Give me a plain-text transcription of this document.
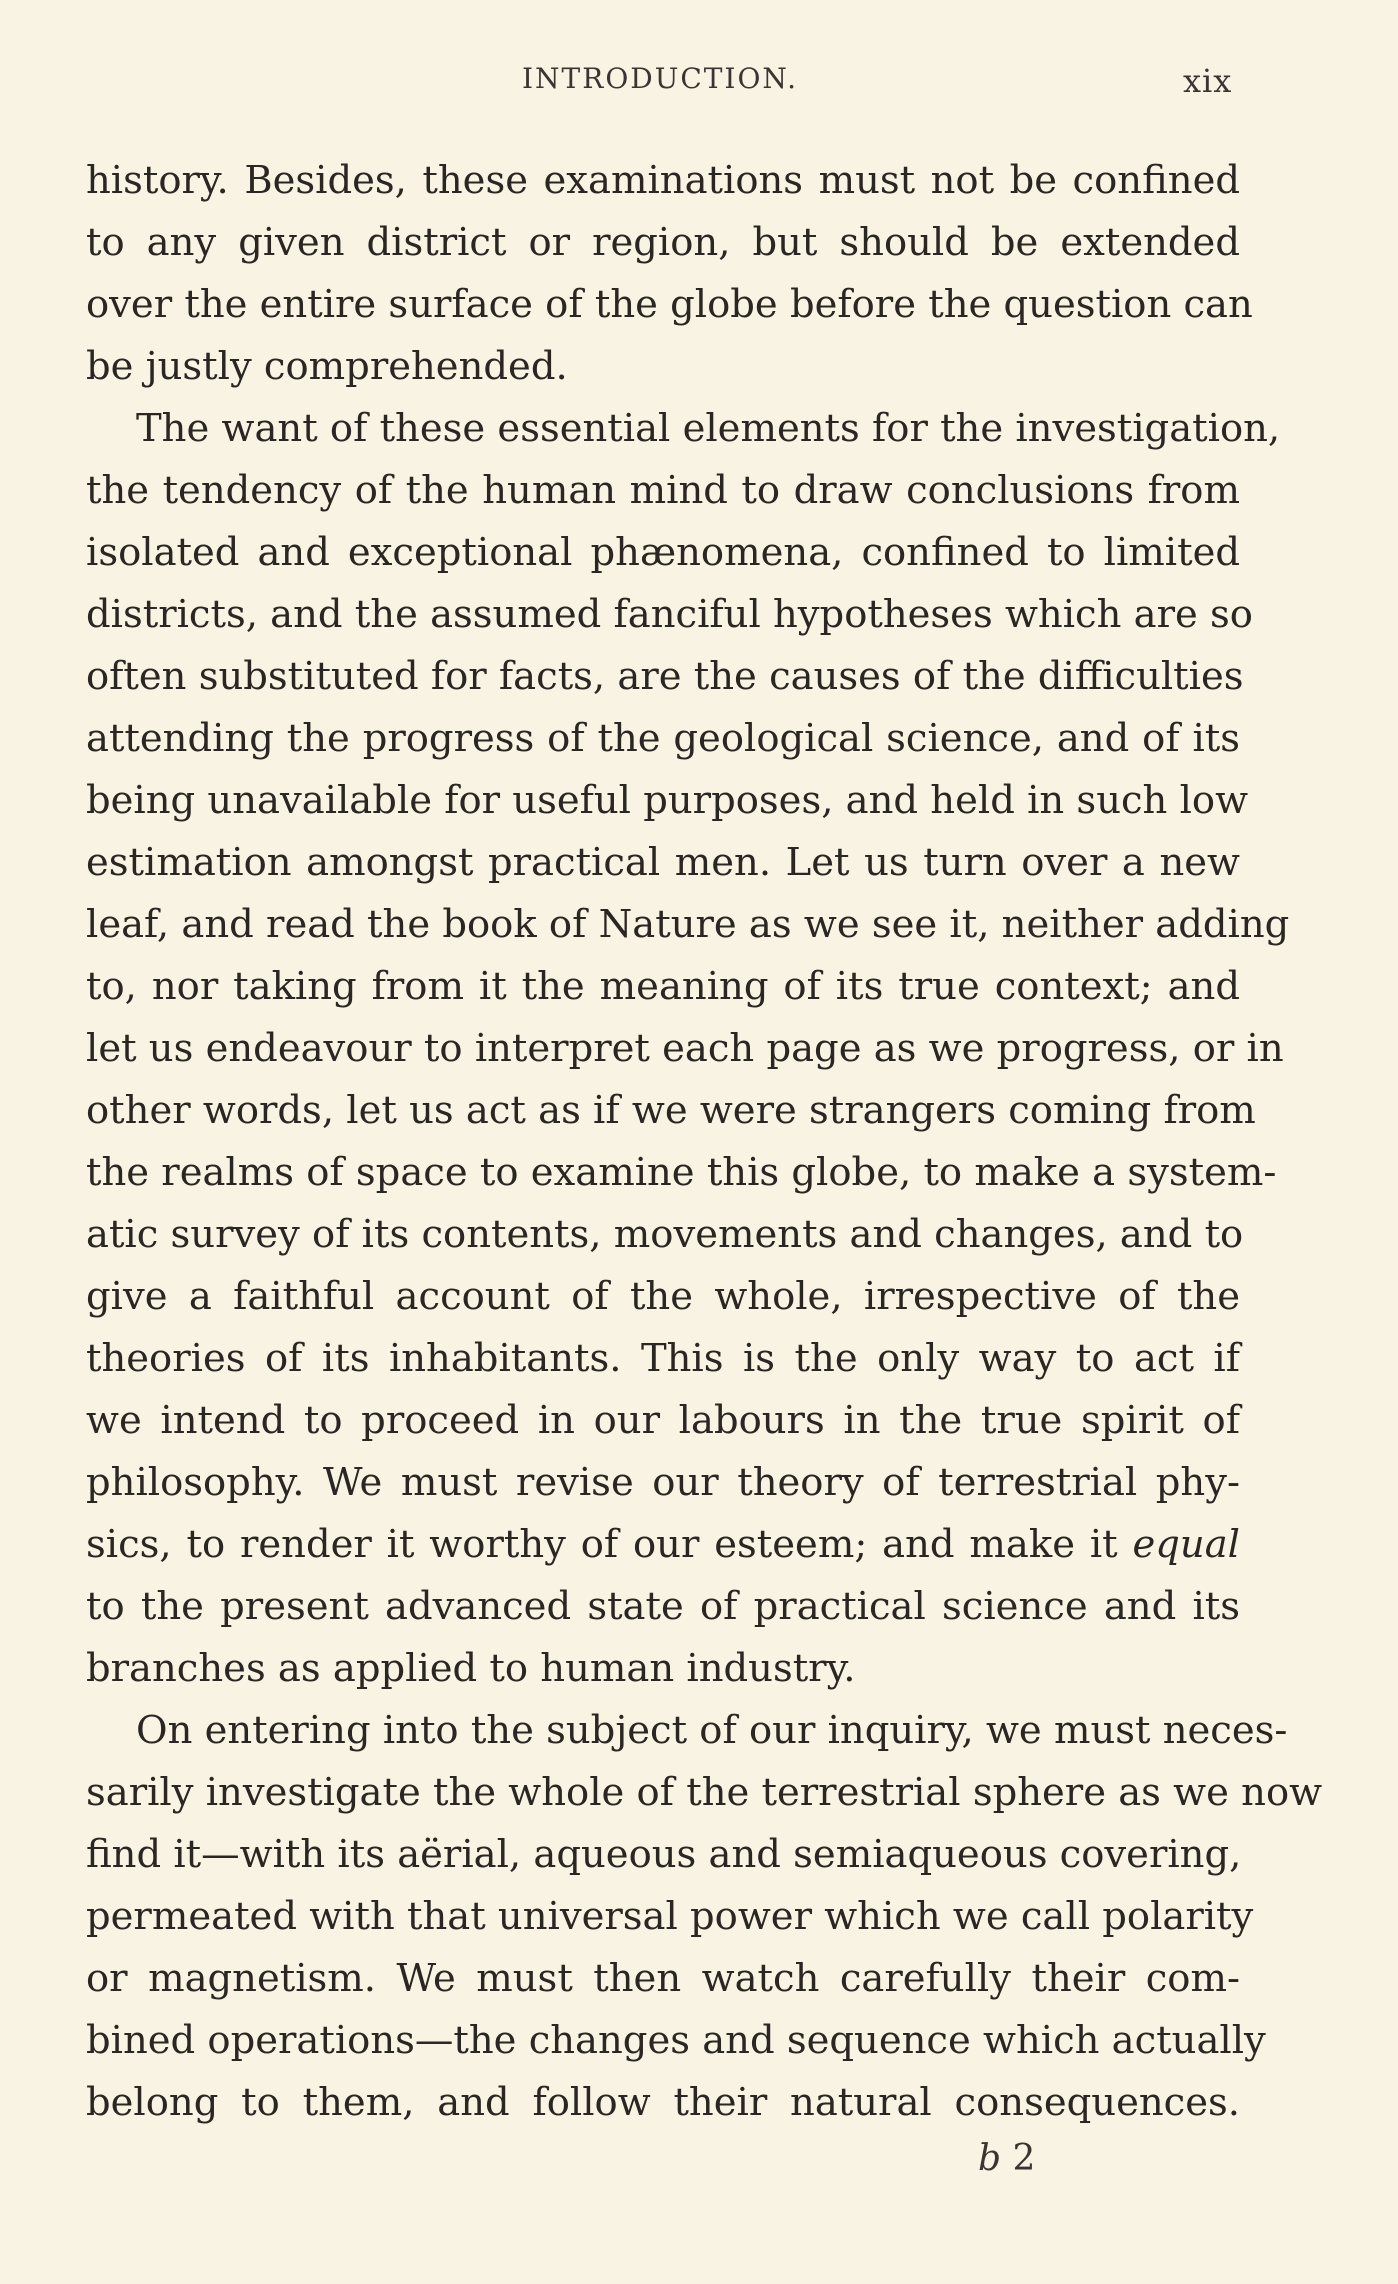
INTRODUCTION.	xix
history. Besides, these examinations must not be confined
to any given district or region, but should be extended
over the entire surface of the globe before the question can
be justly comprehended.
The want of these essential elements for the investigation,
the tendency of the human mind to draw conclusions from
isolated and exceptional phænomena, confined to limited
districts, and the assumed fanciful hypotheses which are so
often substituted for facts, are the causes of the difficulties
attending the progress of the geological science, and of its
being unavailable for useful purposes, and held in such low
estimation amongst practical men. Let us turn over a new
leaf, and read the book of Nature as we see it, neither adding
to, nor taking from it the meaning of its true context; and
let us endeavour to interpret each page as we progress, or in
other words, let us act as if we were strangers coming from
the realms of space to examine this globe, to make a system-
atic survey of its contents, movements and changes, and to
give a faithful account of the whole, irrespective of the
theories of its inhabitants. This is the only way to act if
we intend to proceed in our labours in the true spirit of
philosophy. We must revise our theory of terrestrial phy-
sics, to render it worthy of our esteem; and make it equal
to the present advanced state of practical science and its
branches as applied to human industry.
On entering into the subject of our inquiry, we must neces-
sarily investigate the whole of the terrestrial sphere as we now
find it—with its aërial, aqueous and semiaqueous covering,
permeated with that universal power which we call polarity
or magnetism. We must then watch carefully their com-
bined operations—the changes and sequence which actually
belong to them, and follow their natural consequences.
b 2
